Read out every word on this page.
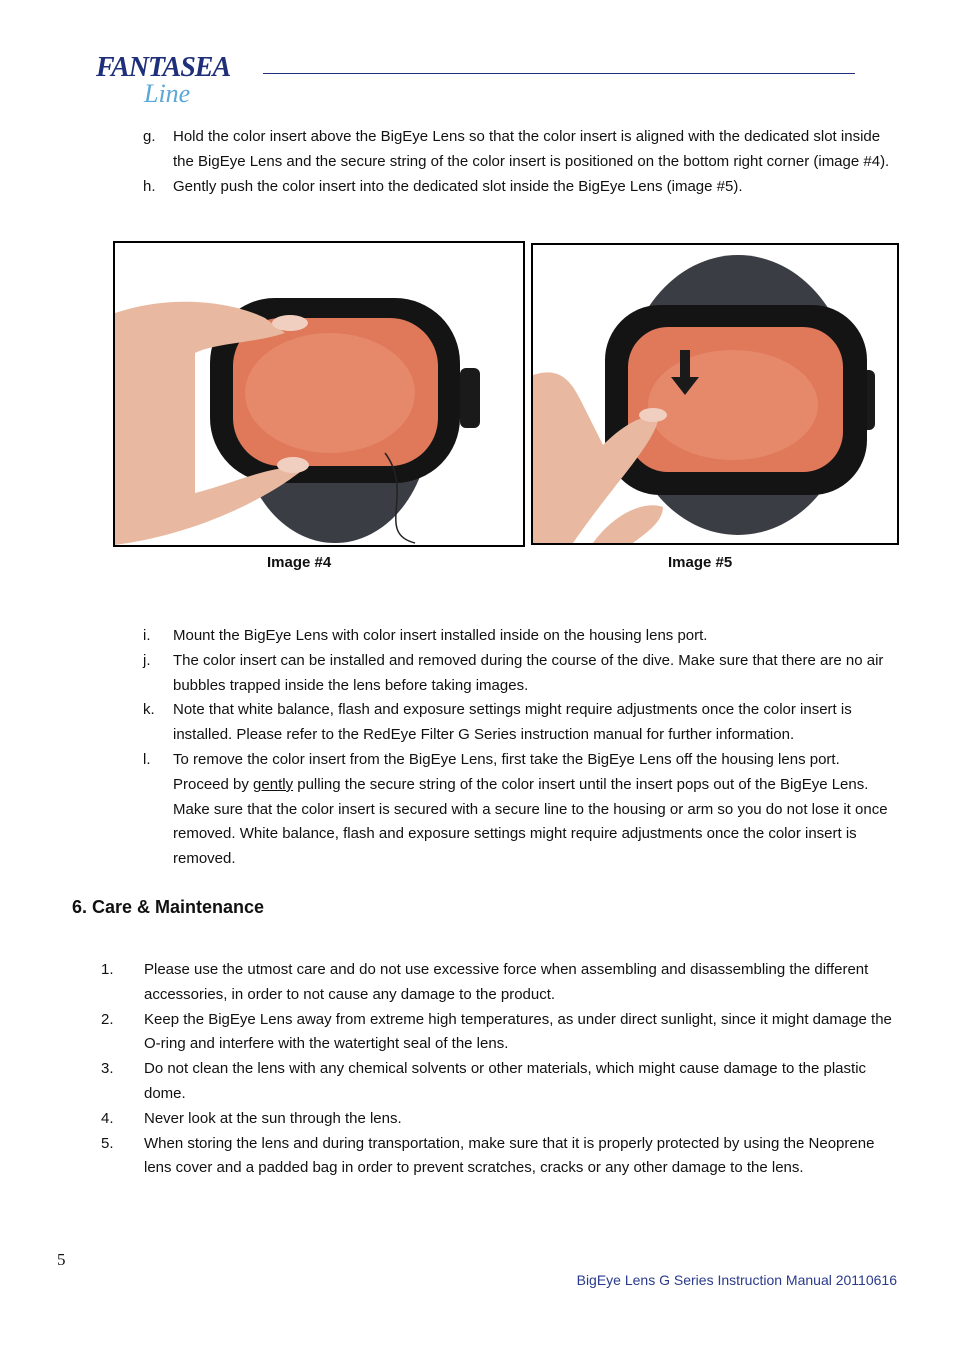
FANTASEA
Line
g. Hold the color insert above the BigEye Lens so that the color insert is aligned with the dedicated slot inside the BigEye Lens and the secure string of the color insert is positioned on the bottom right corner (image #4).
h. Gently push the color insert into the dedicated slot inside the BigEye Lens (image #5).
Image #4	Image #5
i. Mount the BigEye Lens with color insert installed inside on the housing lens port.
j. The color insert can be installed and removed during the course of the dive. Make sure that there are no air bubbles trapped inside the lens before taking images.
k. Note that white balance, flash and exposure settings might require adjustments once the color insert is installed. Please refer to the RedEye Filter G Series instruction manual for further information.
l. To remove the color insert from the BigEye Lens, first take the BigEye Lens off the housing lens port. Proceed by gently pulling the secure string of the color insert until the insert pops out of the BigEye Lens. Make sure that the color insert is secured with a secure line to the housing or arm so you do not lose it once removed. White balance, flash and exposure settings might require adjustments once the color insert is removed.
6. Care & Maintenance
1. Please use the utmost care and do not use excessive force when assembling and disassembling the different accessories, in order to not cause any damage to the product.
2. Keep the BigEye Lens away from extreme high temperatures, as under direct sunlight, since it might damage the O-ring and interfere with the watertight seal of the lens.
3. Do not clean the lens with any chemical solvents or other materials, which might cause damage to the plastic dome.
4. Never look at the sun through the lens.
5. When storing the lens and during transportation, make sure that it is properly protected by using the Neoprene lens cover and a padded bag in order to prevent scratches, cracks or any other damage to the lens.
5
BigEye Lens G Series Instruction Manual 20110616
